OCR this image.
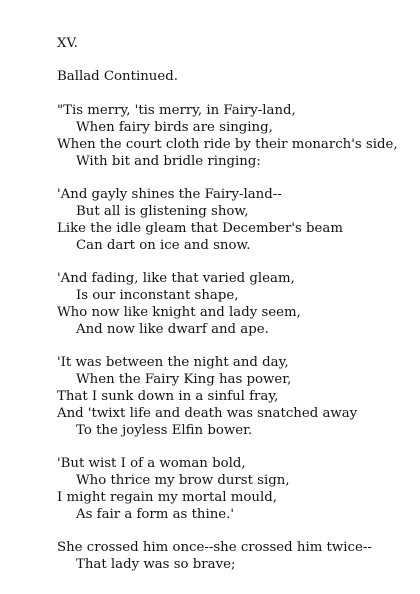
XV.
Ballad Continued.
"Tis merry, 'tis merry, in Fairy-land,
When fairy birds are singing,
When the court cloth ride by their monarch's side,
With bit and bridle ringing:
'And gayly shines the Fairy-land--
But all is glistening show,
Like the idle gleam that December's beam
Can dart on ice and snow.
'And fading, like that varied gleam,
Is our inconstant shape,
Who now like knight and lady seem,
And now like dwarf and ape.
'It was between the night and day,
When the Fairy King has power,
That I sunk down in a sinful fray,
And 'twixt life and death was snatched away
To the joyless Elfin bower.
'But wist I of a woman bold,
Who thrice my brow durst sign,
I might regain my mortal mould,
As fair a form as thine.'
She crossed him once--she crossed him twice--
That lady was so brave;
